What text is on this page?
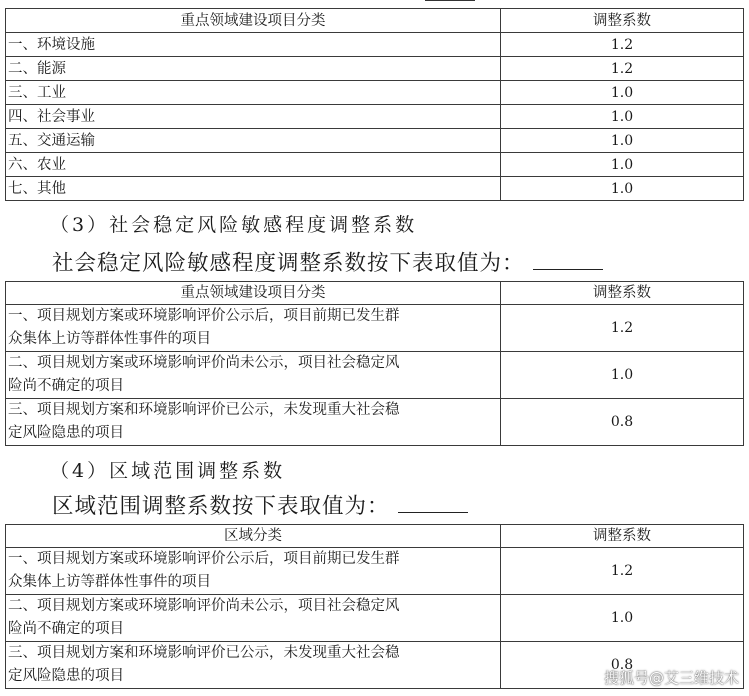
重点领域建设项目分类	调整系数
一、环境设施	1.2
二、能源	1.2
三、工业	1.0
四、社会事业	1.0
五、交通运输	1.0
六、农业	1.0
七、其他	1.0
（3）社会稳定风险敏感程度调整系数
社会稳定风险敏感程度调整系数按下表取值为：
重点领域建设项目分类	调整系数

一、项目规划方案或环境影响评价公示后，项目前期已发生群
众集体上访等群体性事件的项目	1.2

二、项目规划方案或环境影响评价尚未公示，项目社会稳定风
险尚不确定的项目	1.0

三、项目规划方案和环境影响评价已公示，未发现重大社会稳
定风险隐患的项目	0.8
（4）区域范围调整系数
区域范围调整系数按下表取值为：
区域分类	调整系数

一、项目规划方案或环境影响评价公示后，项目前期已发生群
众集体上访等群体性事件的项目	1.2

二、项目规划方案或环境影响评价尚未公示，项目社会稳定风
险尚不确定的项目	1.0

三、项目规划方案和环境影响评价已公示，未发现重大社会稳
定风险隐患的项目	0.8
搜狐号@艾三维技术
